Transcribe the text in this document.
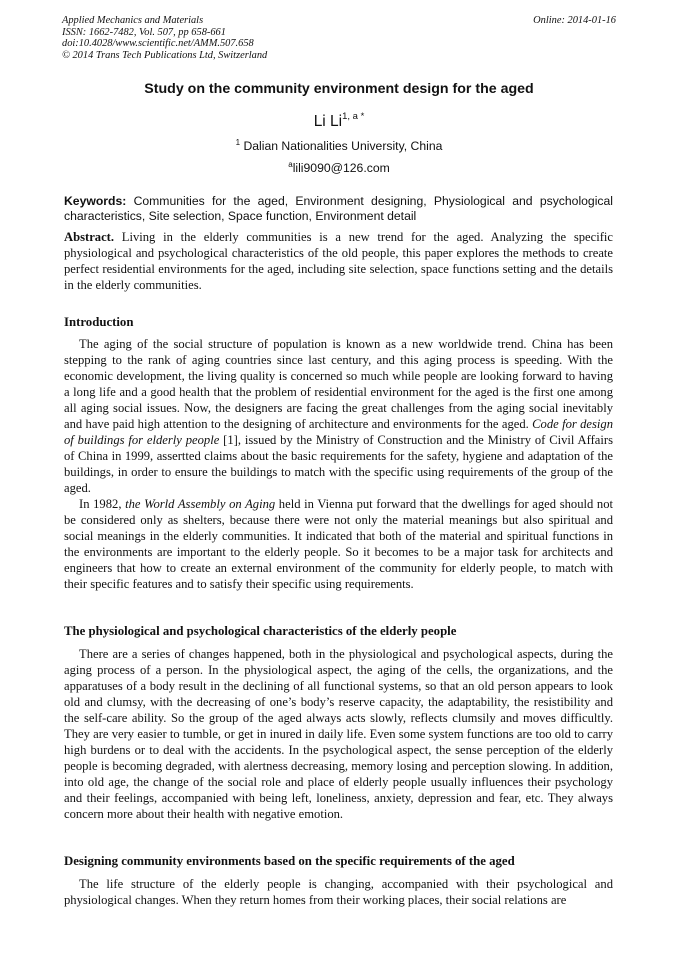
Applied Mechanics and Materials
ISSN: 1662-7482, Vol. 507, pp 658-661
doi:10.4028/www.scientific.net/AMM.507.658
© 2014 Trans Tech Publications Ltd, Switzerland
Online: 2014-01-16
Study on the community environment design for the aged
Li $Li^{1, a *}$
$^1$ Dalian Nationalities University, China
$^a$lili9090@126.com
Keywords: Communities for the aged, Environment designing, Physiological and psychological characteristics, Site selection, Space function, Environment detail
Abstract. Living in the elderly communities is a new trend for the aged. Analyzing the specific physiological and psychological characteristics of the old people, this paper explores the methods to create perfect residential environments for the aged, including site selection, space functions setting and the details in the elderly communities.
Introduction

The aging of the social structure of population is known as a new worldwide trend. China has been stepping to the rank of aging countries since last century, and this aging process is speeding. With the economic development, the living quality is concerned so much while people are looking forward to having a long life and a good health that the problem of residential environment for the aged is the first one among all aging social issues. Now, the designers are facing the great challenges from the aging social inevitably and have paid high attention to the designing of architecture and environments for the aged. Code for design of buildings for elderly people [1], issued by the Ministry of Construction and the Ministry of Civil Affairs of China in 1999, assertted claims about the basic requirements for the safety, hygiene and adaptation of the buildings, in order to ensure the buildings to match with the specific using requirements of the group of the aged.

In 1982, the World Assembly on Aging held in Vienna put forward that the dwellings for aged should not be considered only as shelters, because there were not only the material meanings but also spiritual and social meanings in the elderly communities. It indicated that both of the material and spiritual functions in the environments are important to the elderly people. So it becomes to be a major task for architects and engineers that how to create an external environment of the community for elderly people, to match with their specific features and to satisfy their specific using requirements.

The physiological and psychological characteristics of the elderly people

There are a series of changes happened, both in the physiological and psychological aspects, during the aging process of a person. In the physiological aspect, the aging of the cells, the organizations, and the apparatuses of a body result in the declining of all functional systems, so that an old person appears to look old and clumsy, with the decreasing of one’s body’s reserve capacity, the adaptability, the resistibility and the self-care ability. So the group of the aged always acts slowly, reflects clumsily and moves difficultly. They are very easier to tumble, or get in inured in daily life. Even some system functions are too old to carry high burdens or to deal with the accidents. In the psychological aspect, the sense perception of the elderly people is becoming degraded, with alertness decreasing, memory losing and perception slowing. In addition, into old age, the change of the social role and place of elderly people usually influences their psychology and their feelings, accompanied with being left, loneliness, anxiety, depression and fear, etc. They always concern more about their health with negative emotion.

Designing community environments based on the specific requirements of the aged

The life structure of the elderly people is changing, accompanied with their psychological and physiological changes. When they return homes from their working places, their social relations are
